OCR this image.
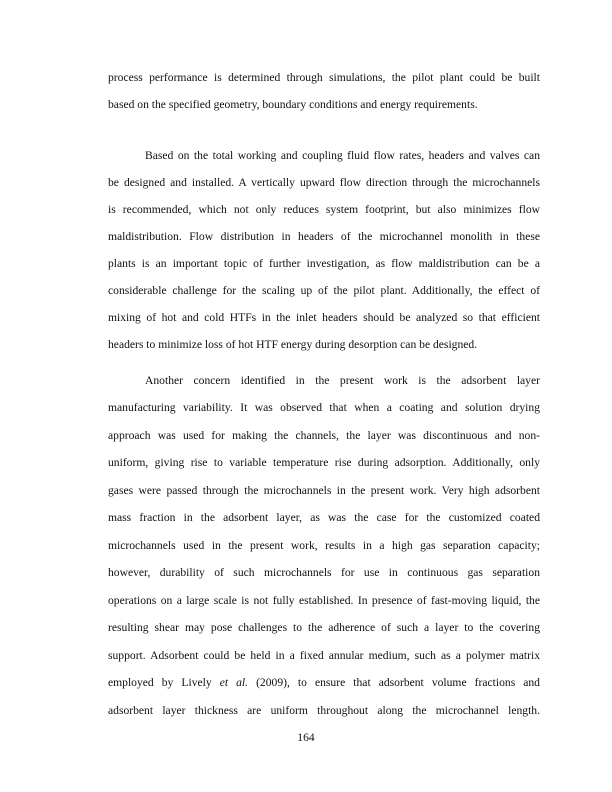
process performance is determined through simulations, the pilot plant could be built
based on the specified geometry, boundary conditions and energy requirements.
Based on the total working and coupling fluid flow rates, headers and valves can
be designed and installed. A vertically upward flow direction through the microchannels
is recommended, which not only reduces system footprint, but also minimizes flow
maldistribution. Flow distribution in headers of the microchannel monolith in these
plants is an important topic of further investigation, as flow maldistribution can be a
considerable challenge for the scaling up of the pilot plant. Additionally, the effect of
mixing of hot and cold HTFs in the inlet headers should be analyzed so that efficient
headers to minimize loss of hot HTF energy during desorption can be designed.
Another concern identified in the present work is the adsorbent layer
manufacturing variability. It was observed that when a coating and solution drying
approach was used for making the channels, the layer was discontinuous and non-
uniform, giving rise to variable temperature rise during adsorption. Additionally, only
gases were passed through the microchannels in the present work. Very high adsorbent
mass fraction in the adsorbent layer, as was the case for the customized coated
microchannels used in the present work, results in a high gas separation capacity;
however, durability of such microchannels for use in continuous gas separation
operations on a large scale is not fully established. In presence of fast-moving liquid, the
resulting shear may pose challenges to the adherence of such a layer to the covering
support. Adsorbent could be held in a fixed annular medium, such as a polymer matrix
employed by Lively et al. (2009), to ensure that adsorbent volume fractions and
adsorbent layer thickness are uniform throughout along the microchannel length.
164
